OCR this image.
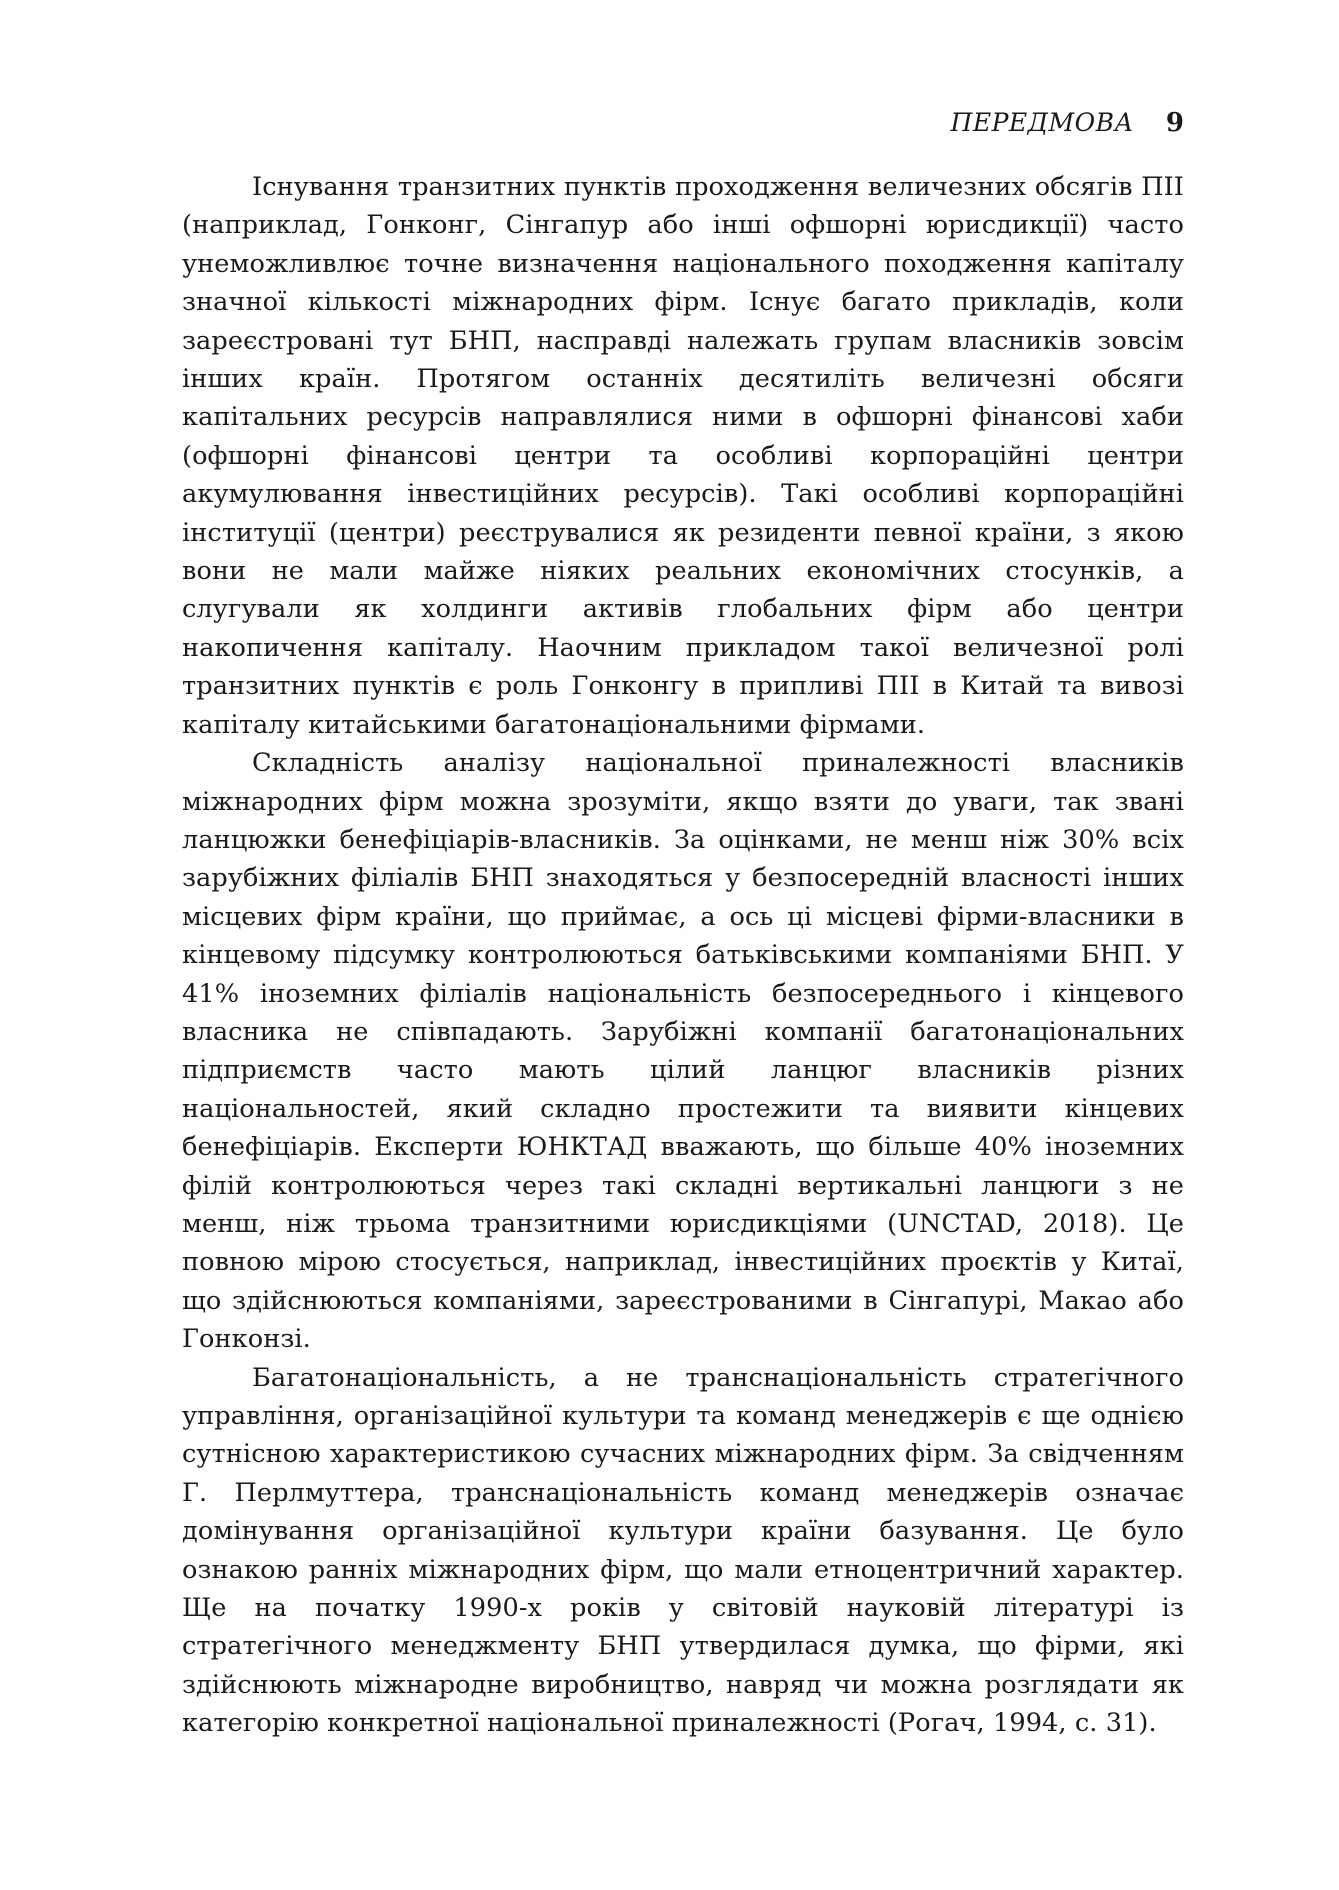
ПЕРЕДМОВА 9

Існування транзитних пунктів проходження величезних обсягів ПІІ (наприклад, Гонконг, Сінгапур або інші офшорні юрисдикції) часто унеможливлює точне визначення національного походження капіталу значної кількості міжнародних фірм. Існує багато прикладів, коли зареєстровані тут БНП, насправді належать групам власників зовсім інших країн. Протягом останніх десятиліть величезні обсяги капітальних ресурсів направлялися ними в офшорні фінансові хаби (офшорні фінансові центри та особливі корпораційні центри акумулювання інвестиційних ресурсів). Такі особливі корпораційні інституції (центри) реєструвалися як резиденти певної країни, з якою вони не мали майже ніяких реальних економічних стосунків, а слугували як холдинги активів глобальних фірм або центри накопичення капіталу. Наочним прикладом такої величезної ролі транзитних пунктів є роль Гонконгу в припливі ПІІ в Китай та вивозі капіталу китайськими багатонаціональними фірмами.

Складність аналізу національної приналежності власників міжнародних фірм можна зрозуміти, якщо взяти до уваги, так звані ланцюжки бенефіціарів-власників. За оцінками, не менш ніж 30% всіх зарубіжних філіалів БНП знаходяться у безпосередній власності інших місцевих фірм країни, що приймає, а ось ці місцеві фірми-власники в кінцевому підсумку контролюються батьківськими компаніями БНП. У 41% іноземних філіалів національність безпосереднього і кінцевого власника не співпадають. Зарубіжні компанії багатонаціональних підприємств часто мають цілий ланцюг власників різних національностей, який складно простежити та виявити кінцевих бенефіціарів. Експерти ЮНКТАД вважають, що більше 40% іноземних філій контролюються через такі складні вертикальні ланцюги з не менш, ніж трьома транзитними юрисдикціями (UNCTAD, 2018). Це повною мірою стосується, наприклад, інвестиційних проєктів у Китаї, що здійснюються компаніями, зареєстрованими в Сінгапурі, Макао або Гонконзі.

Багатонаціональність, а не транснаціональність стратегічного управління, організаційної культури та команд менеджерів є ще однією сутнісною характеристикою сучасних міжнародних фірм. За свідченням Г. Перлмуттера, транснаціональність команд менеджерів означає домінування організаційної культури країни базування. Це було ознакою ранніх міжнародних фірм, що мали етноцентричний характер. Ще на початку 1990-х років у світовій науковій літературі із стратегічного менеджменту БНП утвердилася думка, що фірми, які здійснюють міжнародне виробництво, навряд чи можна розглядати як категорію конкретної національної приналежності (Рогач, 1994, с. 31).
